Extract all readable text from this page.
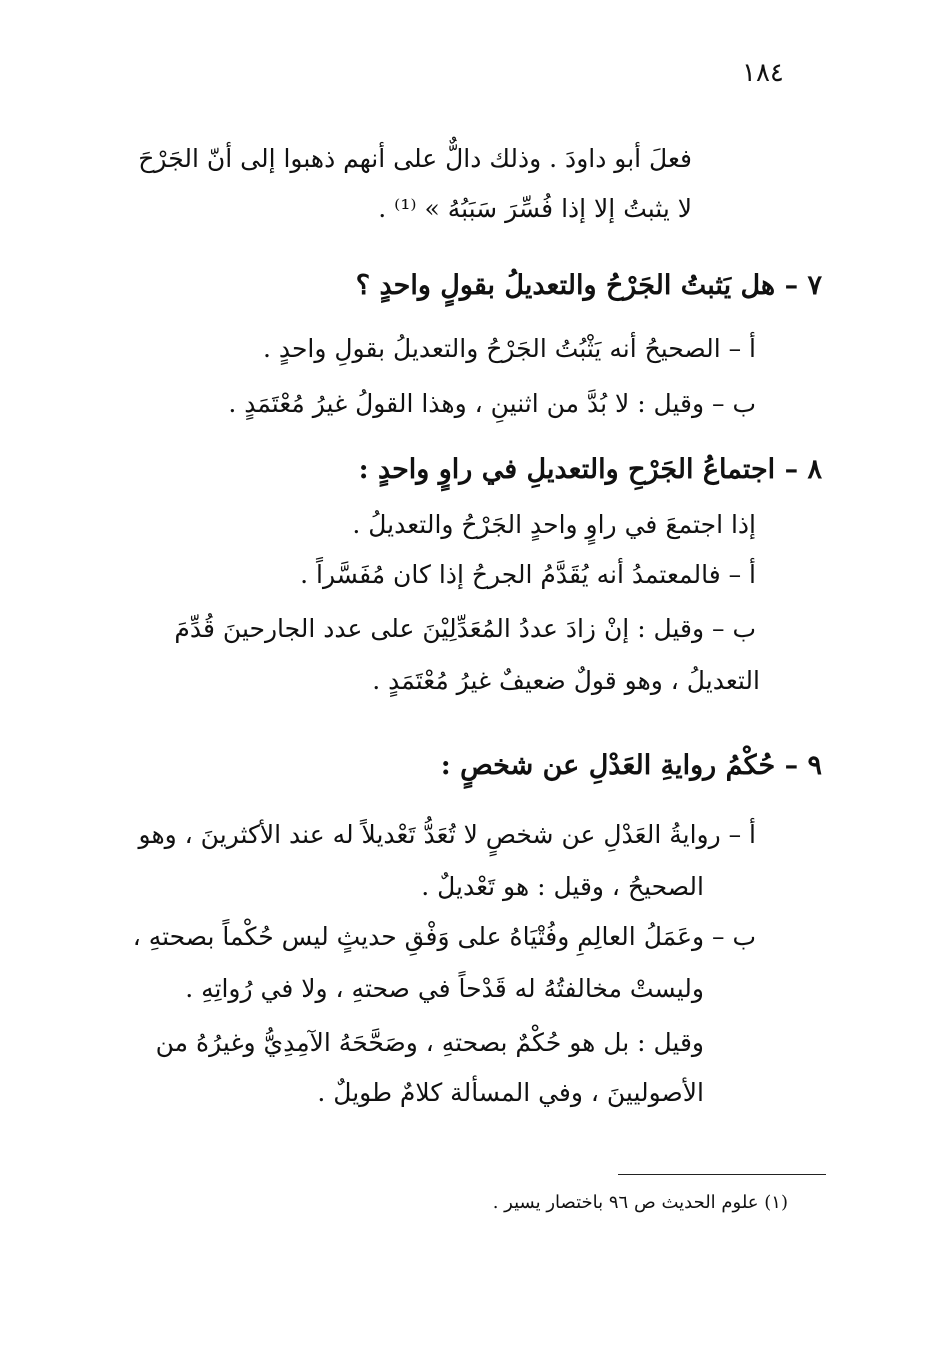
١٨٤
فعلَ أبو داودَ . وذلك دالٌّ على أنهم ذهبوا إلى أنّ الجَرْحَ
لا يثبتُ إلا إذا فُسِّرَ سَبَبُهُ » ⁽¹⁾ .
٧ – هل يَثبتُ الجَرْحُ والتعديلُ بقولٍ واحدٍ ؟
أ – الصحيحُ أنه يَثْبُتُ الجَرْحُ والتعديلُ بقولِ واحدٍ .
ب – وقيل : لا بُدَّ من اثنينِ ، وهذا القولُ غيرُ مُعْتَمَدٍ .
٨ – اجتماعُ الجَرْحِ والتعديلِ في راوٍ واحدٍ :
إذا اجتمعَ في راوٍ واحدٍ الجَرْحُ والتعديلُ .
أ – فالمعتمدُ أنه يُقَدَّمُ الجرحُ إذا كان مُفَسَّراً .
ب – وقيل : إنْ زادَ عددُ المُعَدِّلِيْنَ على عدد الجارحينَ قُدِّمَ
التعديلُ ، وهو قولٌ ضعيفٌ غيرُ مُعْتَمَدٍ .
٩ – حُكْمُ روايةِ العَدْلِ عن شخصٍ :
أ – روايةُ العَدْلِ عن شخصٍ لا تُعَدُّ تَعْديلاً له عند الأكثرينَ ، وهو
الصحيحُ ، وقيل : هو تَعْديلٌ .
ب – وعَمَلُ العالِمِ وفُتْيَاهُ على وَفْقِ حديثٍ ليس حُكْماً بصحتهِ ،
وليستْ مخالفتُهُ له قَدْحاً في صحتهِ ، ولا في رُواتِهِ .
وقيل : بل هو حُكْمٌ بصحتهِ ، وصَحَّحَهُ الآمِدِيُّ وغيرُهُ من
الأصوليينَ ، وفي المسألة كلامٌ طويلٌ .
(١) علوم الحديث ص ٩٦ باختصار يسير .
